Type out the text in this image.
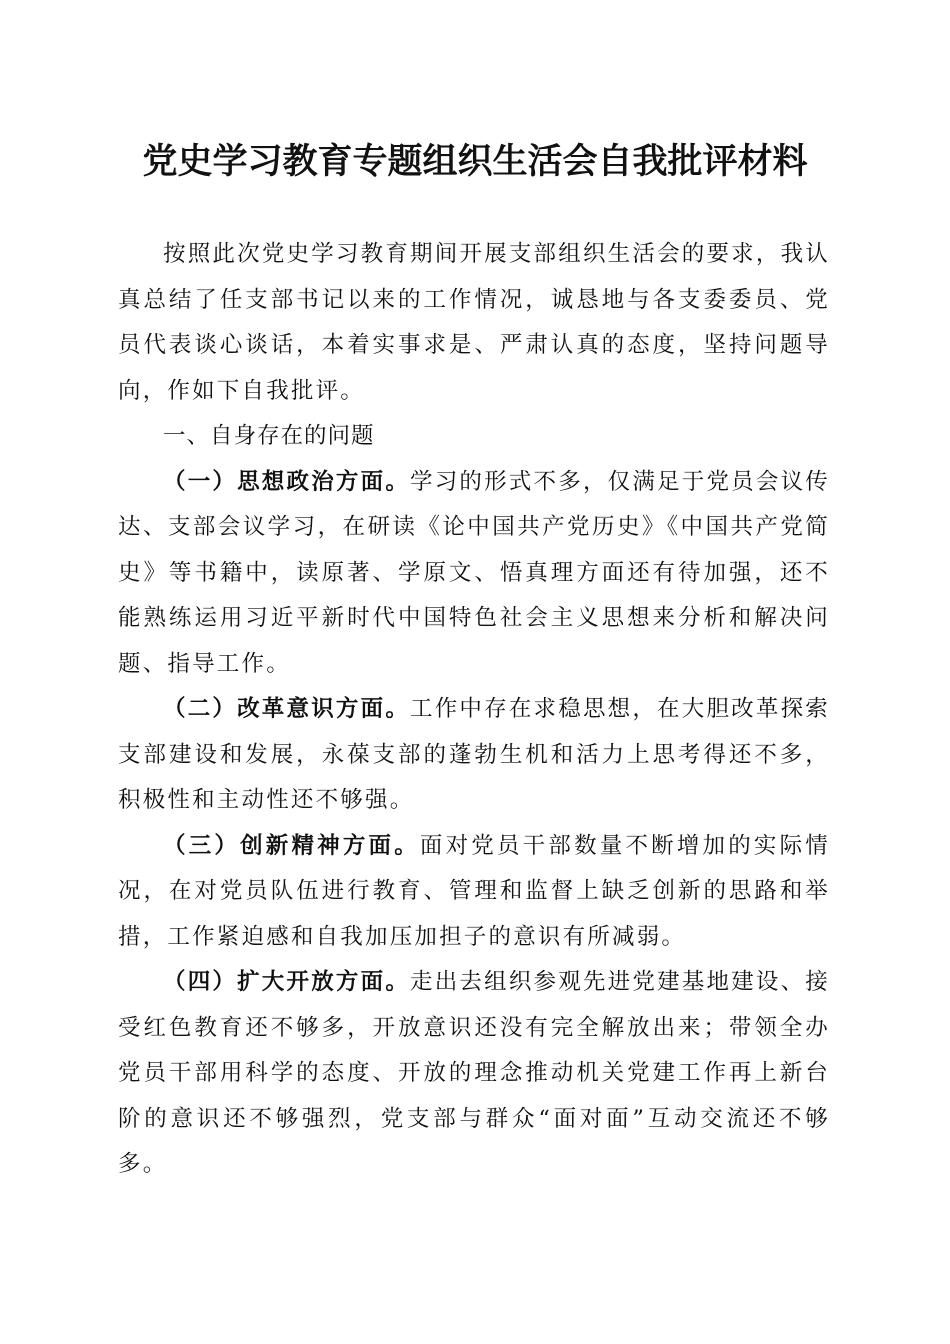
党史学习教育专题组织生活会自我批评材料

按照此次党史学习教育期间开展支部组织生活会的要求，我认真总结了任支部书记以来的工作情况，诚恳地与各支委委员、党员代表谈心谈话，本着实事求是、严肃认真的态度，坚持问题导向，作如下自我批评。

一、自身存在的问题

（一）思想政治方面。学习的形式不多，仅满足于党员会议传达、支部会议学习，在研读《论中国共产党历史》《中国共产党简史》等书籍中，读原著、学原文、悟真理方面还有待加强，还不能熟练运用习近平新时代中国特色社会主义思想来分析和解决问题、指导工作。

（二）改革意识方面。工作中存在求稳思想，在大胆改革探索支部建设和发展，永葆支部的蓬勃生机和活力上思考得还不多，积极性和主动性还不够强。

（三）创新精神方面。面对党员干部数量不断增加的实际情况，在对党员队伍进行教育、管理和监督上缺乏创新的思路和举措，工作紧迫感和自我加压加担子的意识有所减弱。

（四）扩大开放方面。走出去组织参观先进党建基地建设、接受红色教育还不够多，开放意识还没有完全解放出来；带领全办党员干部用科学的态度、开放的理念推动机关党建工作再上新台阶的意识还不够强烈，党支部与群众“面对面”互动交流还不够多。
